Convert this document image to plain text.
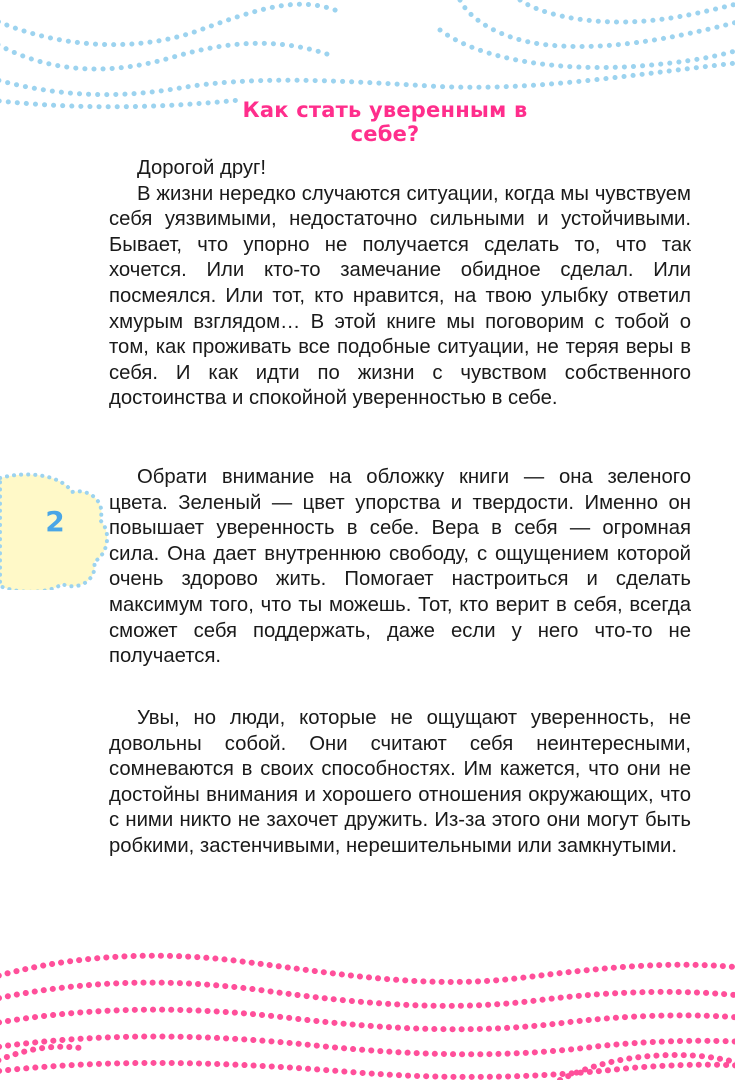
2
Как стать уверенным в себе?

Дорогой друг!

В жизни нередко случаются ситуации, когда мы чувствуем себя уязвимыми, недостаточно сильными и устойчивыми. Бывает, что упорно не получается сделать то, что так хочется. Или кто-то замечание обидное сделал. Или посмеялся. Или тот, кто нравится, на твою улыбку ответил хмурым взглядом… В этой книге мы поговорим с тобой о том, как проживать все подобные ситуации, не теряя веры в себя. И как идти по жизни с чувством собственного достоинства и спокойной уверенностью в себе.

Обрати внимание на обложку книги — она зеленого цвета. Зеленый — цвет упорства и твердости. Именно он повышает уверенность в себе. Вера в себя — огромная сила. Она дает внутреннюю свободу, с ощущением которой очень здорово жить. Помогает настроиться и сделать максимум того, что ты можешь. Тот, кто верит в себя, всегда сможет себя поддержать, даже если у него что-то не получается.

Увы, но люди, которые не ощущают уверенность, не довольны собой. Они считают себя неинтересными, сомневаются в своих способностях. Им кажется, что они не достойны внимания и хорошего отношения окружающих, что с ними никто не захочет дружить. Из-за этого они могут быть робкими, застенчивыми, нерешительными или замкнутыми.
